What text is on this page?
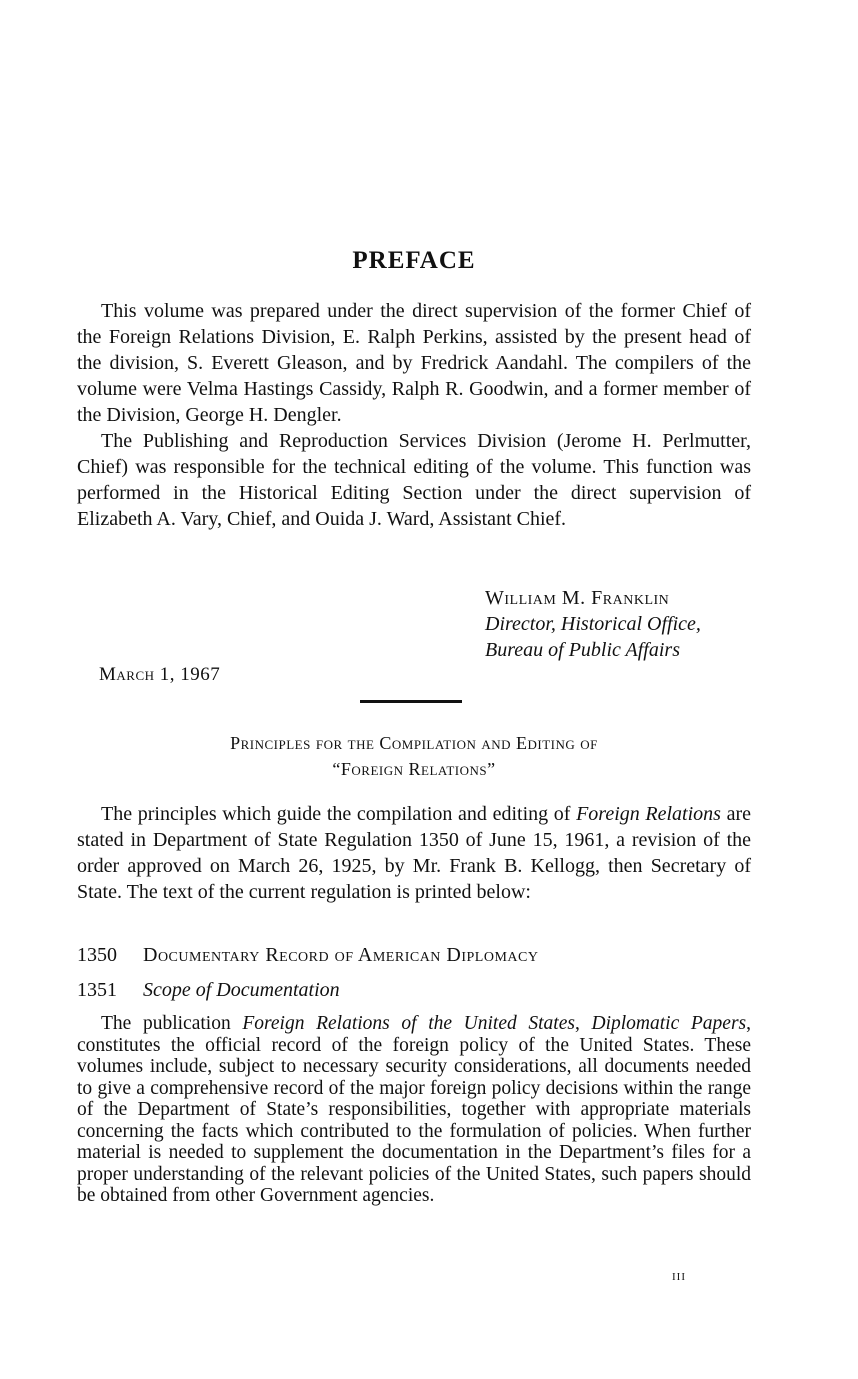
PREFACE

This volume was prepared under the direct supervision of the former Chief of the Foreign Relations Division, E. Ralph Perkins, assisted by the present head of the division, S. Everett Gleason, and by Fredrick Aandahl. The compilers of the volume were Velma Hastings Cassidy, Ralph R. Goodwin, and a former member of the Division, George H. Dengler.

The Publishing and Reproduction Services Division (Jerome H. Perlmutter, Chief) was responsible for the technical editing of the volume. This function was performed in the Historical Editing Section under the direct supervision of Elizabeth A. Vary, Chief, and Ouida J. Ward, Assistant Chief.

William M. Franklin
Director, Historical Office,
Bureau of Public Affairs
March 1, 1967
Principles for the Compilation and Editing of
“Foreign Relations”

The principles which guide the compilation and editing of Foreign Relations are stated in Department of State Regulation 1350 of June 15, 1961, a revision of the order approved on March 26, 1925, by Mr. Frank B. Kellogg, then Secretary of State. The text of the current regulation is printed below:

1350 Documentary Record of American Diplomacy
1351 Scope of Documentation

The publication Foreign Relations of the United States, Diplomatic Papers, constitutes the official record of the foreign policy of the United States. These volumes include, subject to necessary security considerations, all documents needed to give a comprehensive record of the major foreign policy decisions within the range of the Department of State’s responsibilities, together with appropriate materials concerning the facts which contributed to the formulation of policies. When further material is needed to supplement the documentation in the Department’s files for a proper understanding of the relevant policies of the United States, such papers should be obtained from other Government agencies.

iii
